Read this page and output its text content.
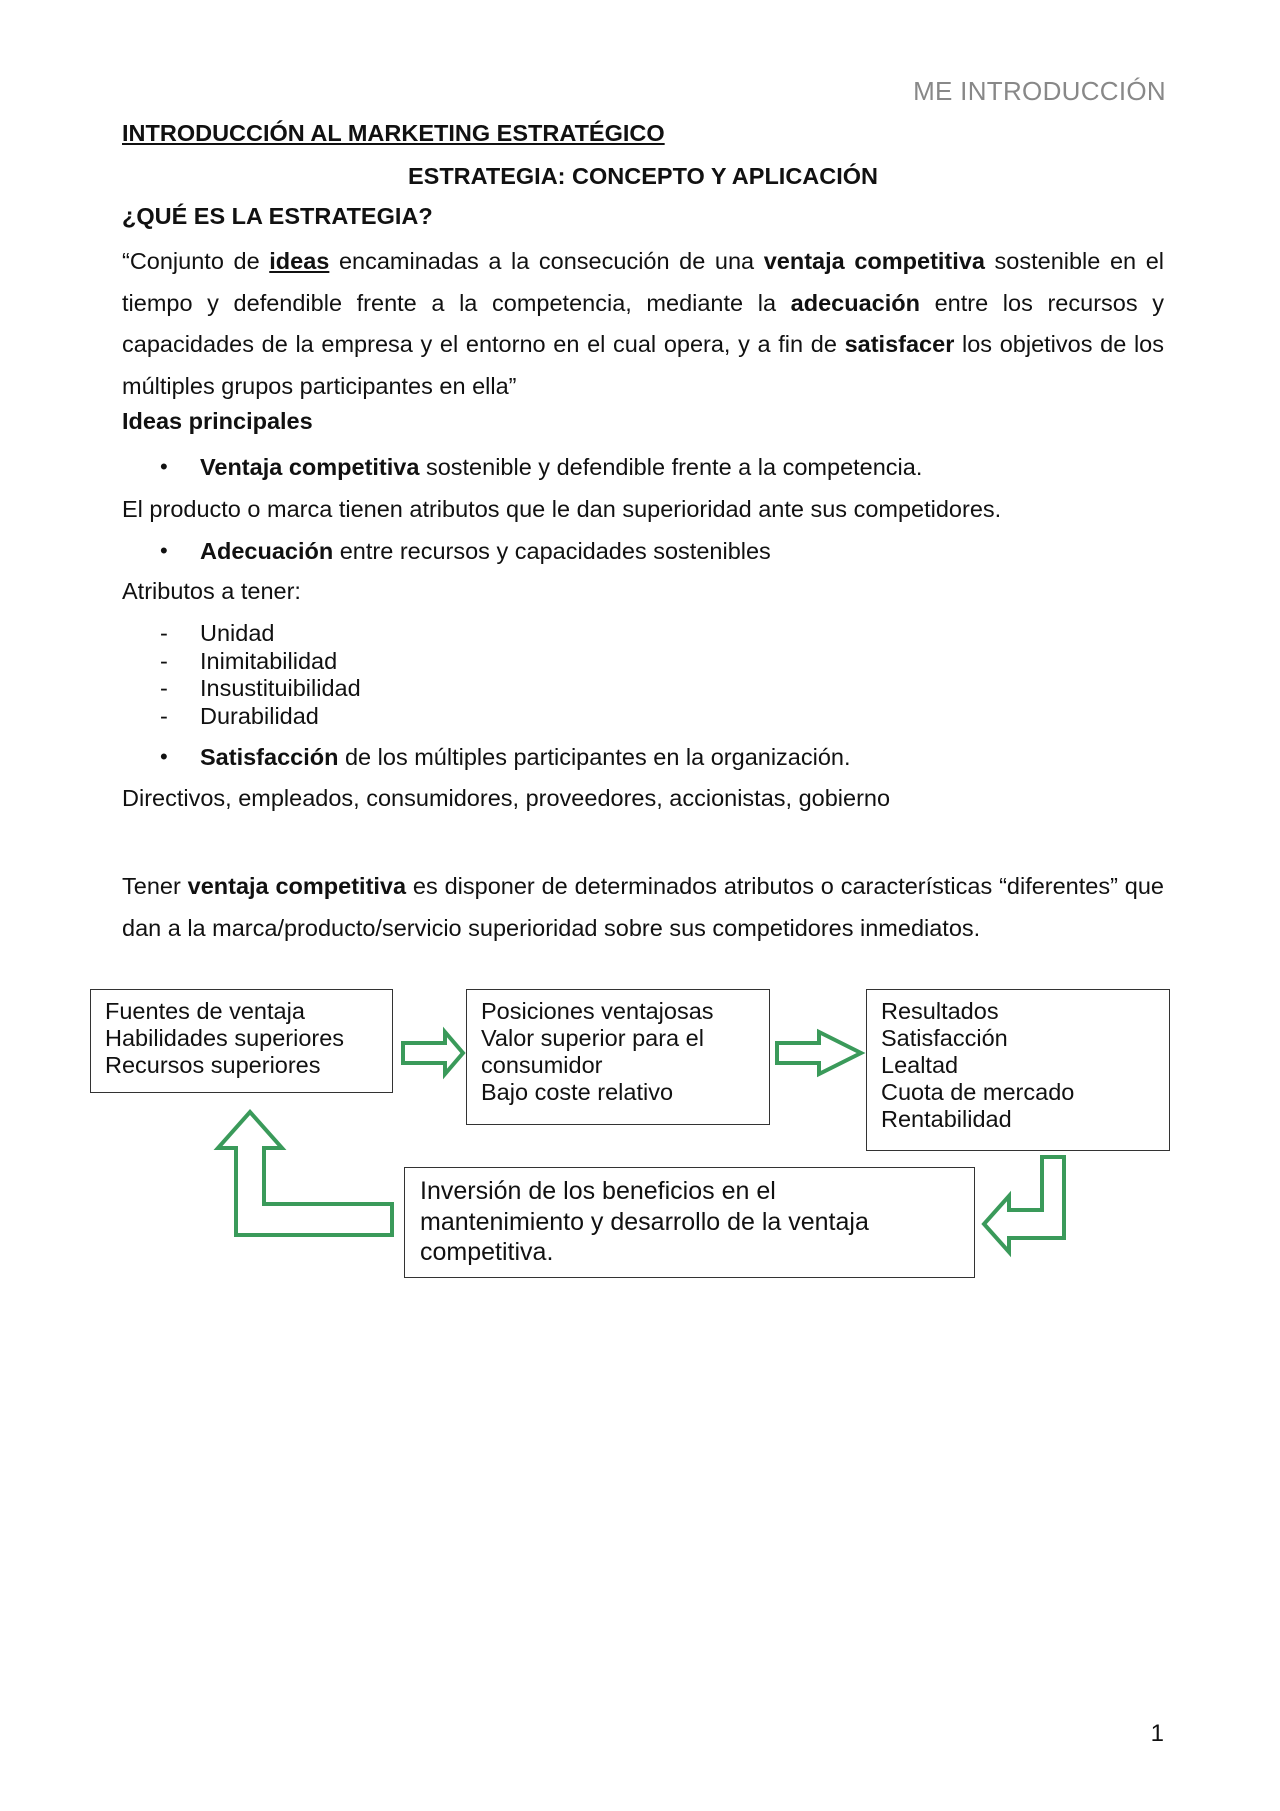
ME INTRODUCCIÓN
INTRODUCCIÓN AL MARKETING ESTRATÉGICO
ESTRATEGIA: CONCEPTO Y APLICACIÓN
¿QUÉ ES LA ESTRATEGIA?
“Conjunto de ideas encaminadas a la consecución de una ventaja competitiva sostenible en el tiempo y defendible frente a la competencia, mediante la adecuación entre los recursos y capacidades de la empresa y el entorno en el cual opera, y a fin de satisfacer los objetivos de los múltiples grupos participantes en ella”
Ideas principales
• Ventaja competitiva sostenible y defendible frente a la competencia.
El producto o marca tienen atributos que le dan superioridad ante sus competidores.
• Adecuación entre recursos y capacidades sostenibles
Atributos a tener:
- Unidad
- Inimitabilidad
- Insustituibilidad
- Durabilidad
• Satisfacción de los múltiples participantes en la organización.
Directivos, empleados, consumidores, proveedores, accionistas, gobierno
Tener ventaja competitiva es disponer de determinados atributos o características “diferentes” que dan a la marca/producto/servicio superioridad sobre sus competidores inmediatos.
Fuentes de ventaja
Habilidades superiores
Recursos superiores
Posiciones ventajosas
Valor superior para el
consumidor
Bajo coste relativo
Resultados
Satisfacción
Lealtad
Cuota de mercado
Rentabilidad
Inversión de los beneficios en el
mantenimiento y desarrollo de la ventaja
competitiva.
1
